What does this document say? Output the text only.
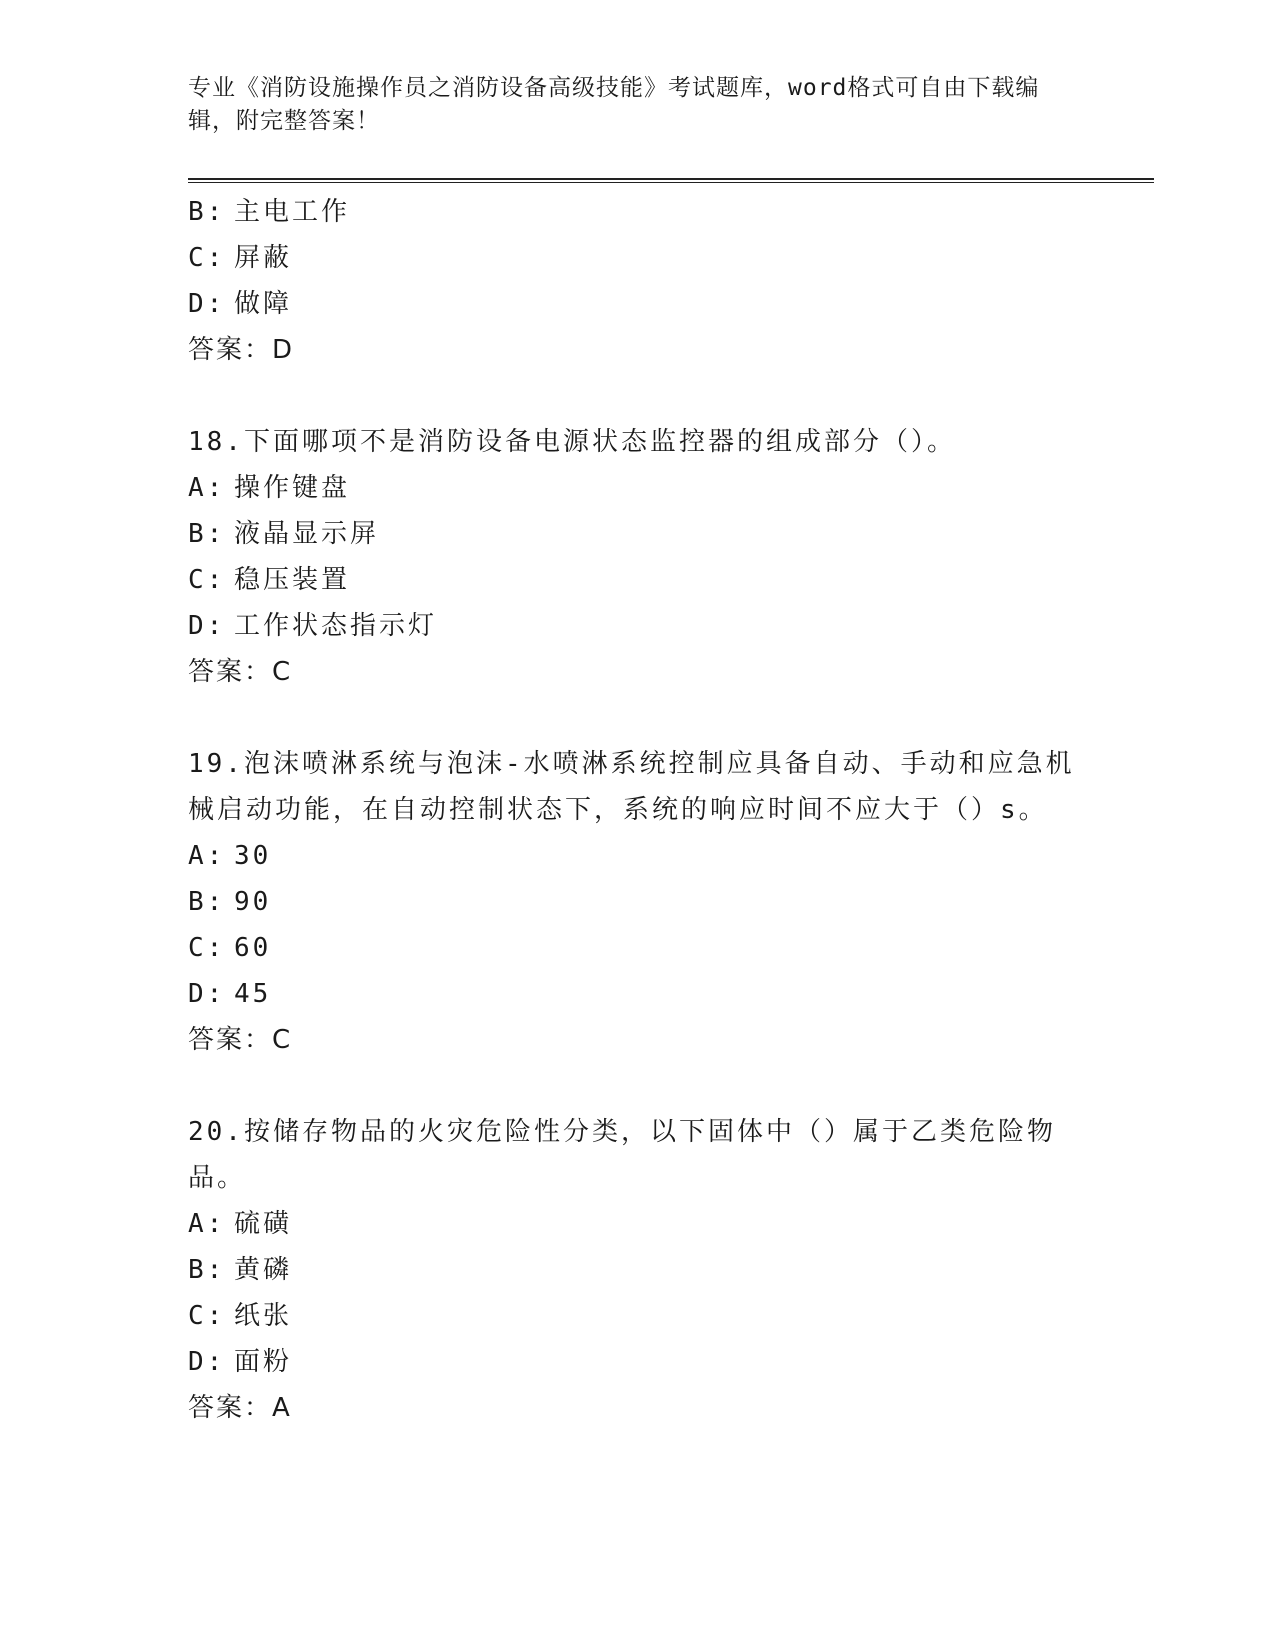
专业《消防设施操作员之消防设备高级技能》考试题库，word格式可自由下载编辑，附完整答案！

B: 主电工作
C: 屏蔽
D: 做障
答案：D
18.下面哪项不是消防设备电源状态监控器的组成部分（）。
A: 操作键盘
B: 液晶显示屏
C: 稳压装置
D: 工作状态指示灯
答案：C
19.泡沫喷淋系统与泡沫-水喷淋系统控制应具备自动、手动和应急机械启动功能，在自动控制状态下，系统的响应时间不应大于（）s。
A: 30
B: 90
C: 60
D: 45
答案：C
20.按储存物品的火灾危险性分类，以下固体中（）属于乙类危险物品。
A: 硫磺
B: 黄磷
C: 纸张
D: 面粉
答案：A
